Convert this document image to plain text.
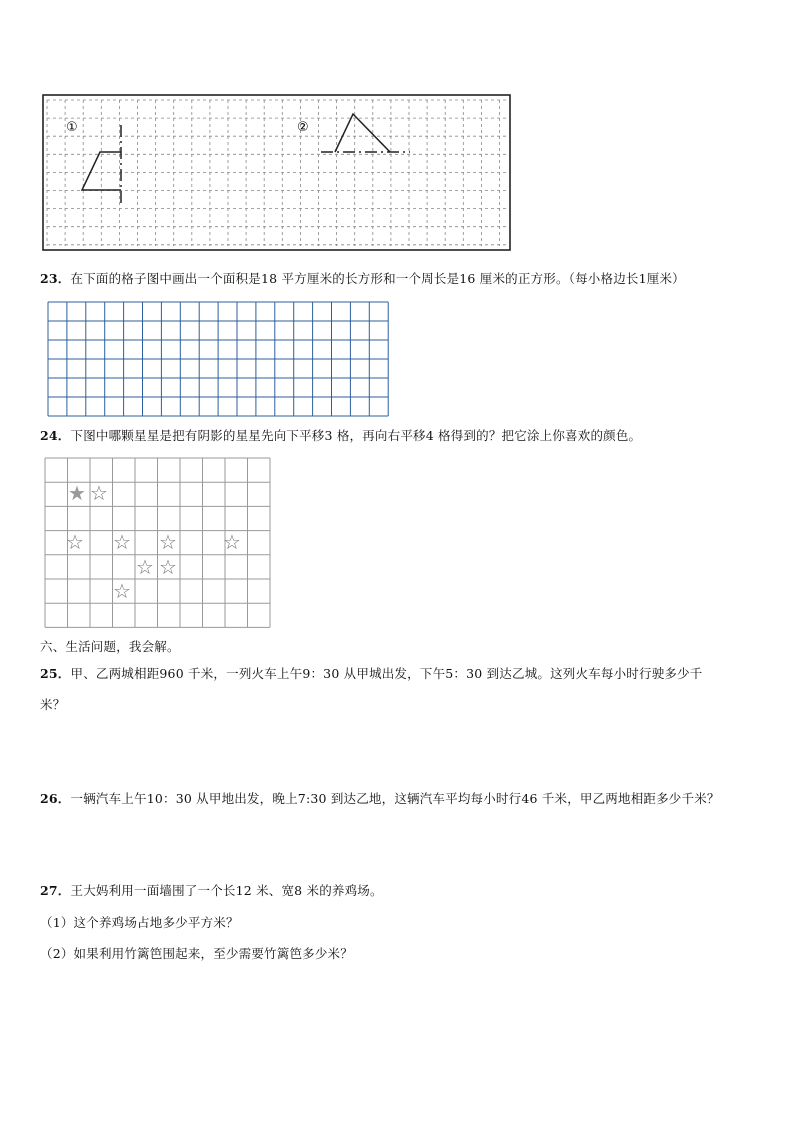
①	②
23．在下面的格子图中画出一个面积是18 平方厘米的长方形和一个周长是16 厘米的正方形。（每小格边长1厘米）
24．下图中哪颗星星是把有阴影的星星先向下平移3 格，再向右平移4 格得到的？把它涂上你喜欢的颜色。
★ ☆
☆ ☆ ☆ ☆
☆ ☆
☆
六、生活问题，我会解。
25．甲、乙两城相距960 千米，一列火车上午9：30 从甲城出发，下午5：30 到达乙城。这列火车每小时行驶多少千
米？
26．一辆汽车上午10：30 从甲地出发，晚上7:30 到达乙地，这辆汽车平均每小时行46 千米，甲乙两地相距多少千米？
27．王大妈利用一面墙围了一个长12 米、宽8 米的养鸡场。
（1）这个养鸡场占地多少平方米？
（2）如果利用竹篱笆围起来，至少需要竹篱笆多少米？
